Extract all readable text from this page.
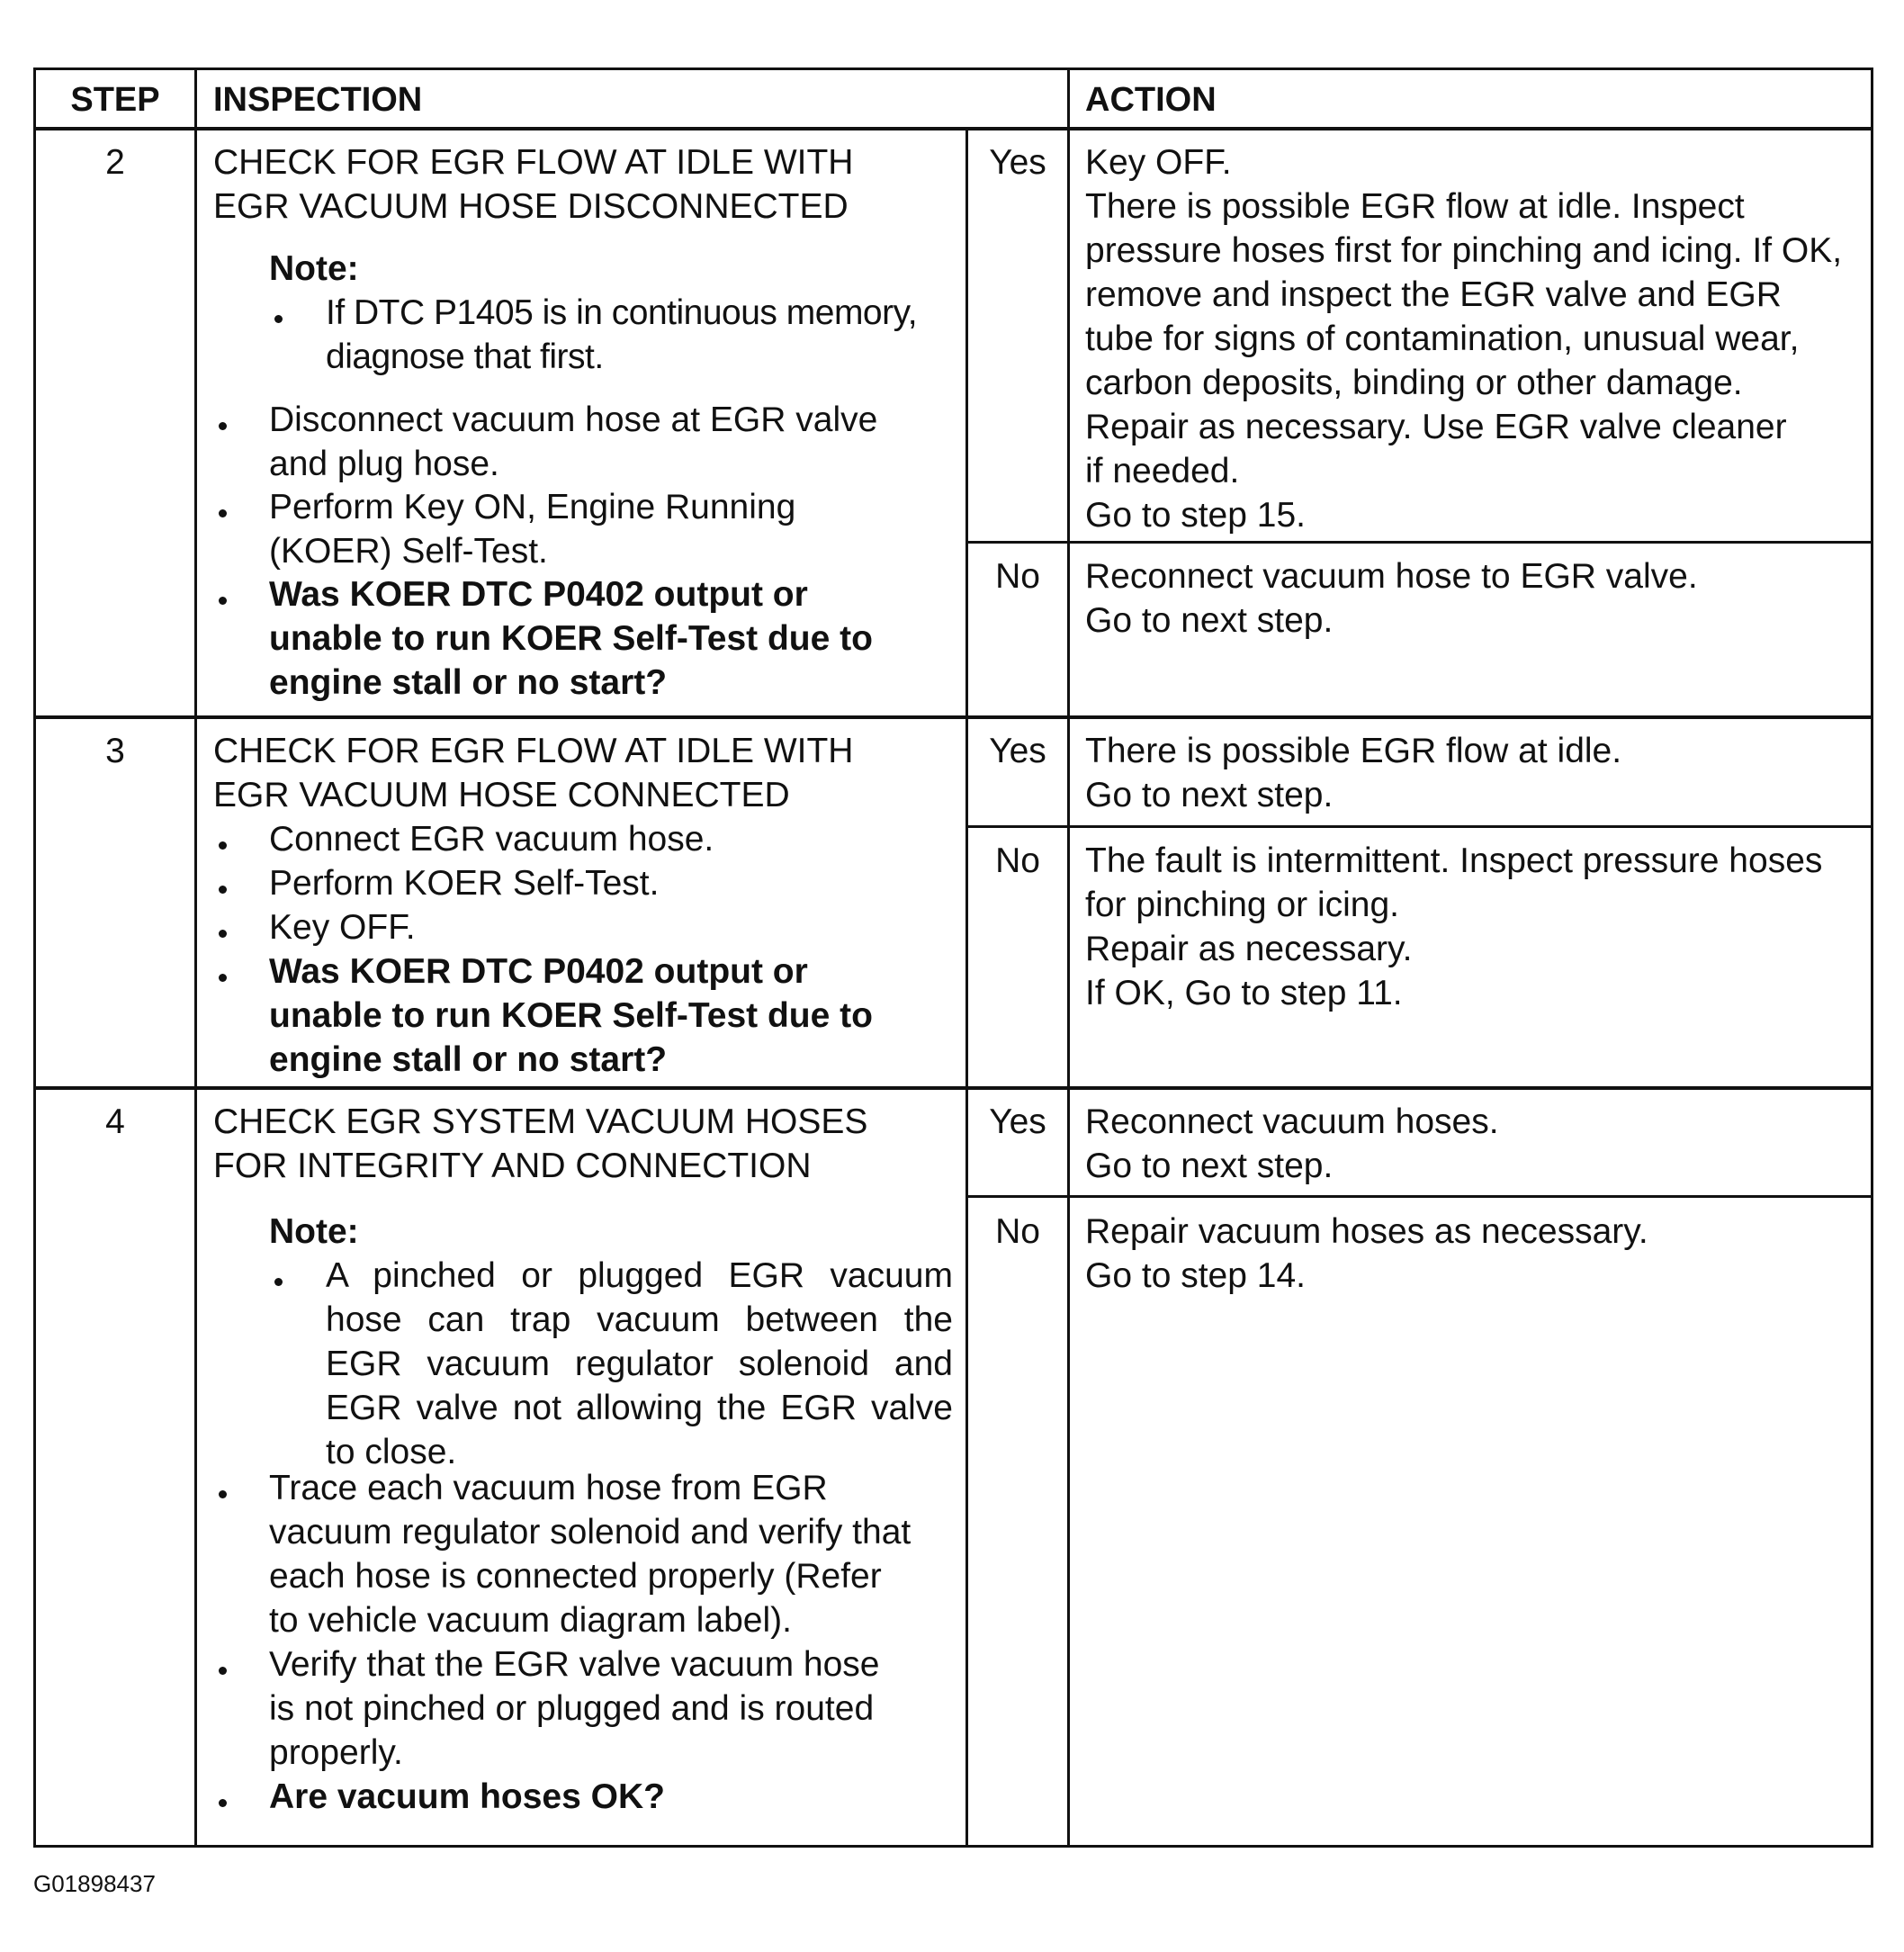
STEP	INSPECTION	ACTION
2	CHECK FOR EGR FLOW AT IDLE WITH
EGR VACUUM HOSE DISCONNECTED
Note:
If DTC P1405 is in continuous memory,
diagnose that first.
Disconnect vacuum hose at EGR valve
and plug hose.
Perform Key ON, Engine Running
(KOER) Self-Test.
Was KOER DTC P0402 output or
unable to run KOER Self-Test due to
engine stall or no start?
Yes	Key OFF.
There is possible EGR flow at idle. Inspect
pressure hoses first for pinching and icing. If OK,
remove and inspect the EGR valve and EGR
tube for signs of contamination, unusual wear,
carbon deposits, binding or other damage.
Repair as necessary. Use EGR valve cleaner
if needed.
Go to step 15.
No	Reconnect vacuum hose to EGR valve.
Go to next step.
3	CHECK FOR EGR FLOW AT IDLE WITH
EGR VACUUM HOSE CONNECTED
Connect EGR vacuum hose.
Perform KOER Self-Test.
Key OFF.
Was KOER DTC P0402 output or
unable to run KOER Self-Test due to
engine stall or no start?
Yes	There is possible EGR flow at idle.
Go to next step.
No	The fault is intermittent. Inspect pressure hoses
for pinching or icing.
Repair as necessary.
If OK, Go to step 11.
4	CHECK EGR SYSTEM VACUUM HOSES
FOR INTEGRITY AND CONNECTION
Note:
A pinched or plugged EGR vacuum
hose can trap vacuum between the
EGR vacuum regulator solenoid and
EGR valve not allowing the EGR valve
to close.
Trace each vacuum hose from EGR
vacuum regulator solenoid and verify that
each hose is connected properly (Refer
to vehicle vacuum diagram label).
Verify that the EGR valve vacuum hose
is not pinched or plugged and is routed
properly.
Are vacuum hoses OK?
Yes	Reconnect vacuum hoses.
Go to next step.
No	Repair vacuum hoses as necessary.
Go to step 14.
G01898437
